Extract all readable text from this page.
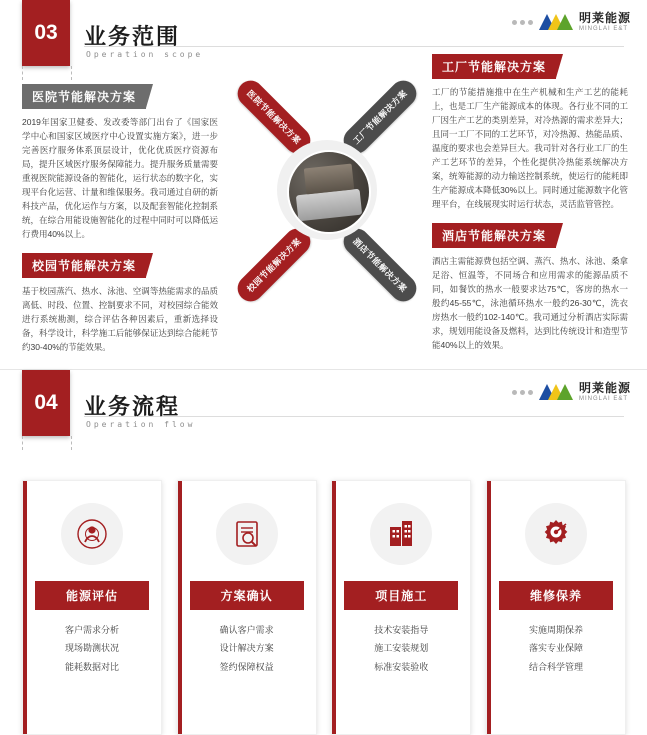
03	业务范围
Operation scope
明莱能源
MINGLAI E&T
医院节能解决方案
2019年国家卫健委、发改委等部门出台了《国家医学中心和国家区域医疗中心设置实施方案》，进一步完善医疗服务体系顶层设计，优化优质医疗资源布局，提升区域医疗服务保障能力。提升服务质量需要重视医院能源设备的智能化，运行状态的数字化，实现平台化运营、计量和维保服务。我司通过自研的新科技产品，优化运作与方案，以及配套智能化控制系统，在综合用能设施智能化的过程中同时可以降低运行费用40%以上。
校园节能解决方案
基于校园蒸汽、热水、泳池、空调等热能需求的品质 离低、时段、位置、控制要求不同，对校园综合能效进行系统勘测，综合评估各种因素后，重新选择设备，科学设计，科学施工后能够保证达到综合能耗节约30-40%的节能效果。
工厂节能解决方案
工厂的节能措施推中在生产机械和生产工艺的能耗上，也是工厂生产能源成本的体现。各行业不同的工厂因生产工艺的类别差异，对冷热源的需求差异大；且同一工厂不同的工艺环节，对冷热源、热能品质、温度的要求也会差异巨大。我司针对各行业工厂的生产工艺环节的差异，个性化提供冷热能系统解决方案，统筹能源的动力输送控制系统，使运行的能耗即生产能源成本降低30%以上。同时通过能源数字化管理平台，在线展现实时运行状态，灵活监管管控。
酒店节能解决方案
酒店主需能源费包括空调、蒸汽、热水、泳池、桑拿足浴、恒温等，不同场合和应用需求的能源品质不同，如餐饮的热水一般要求达75℃，客房的热水一般约45-55℃，泳池循环热水一般约26-30℃，洗衣房热水一般约102-140℃。我司通过分析酒店实际需求，规划用能设备及燃料，达到比传统设计和造型节能40%以上的效果。
医院节能解决方案	工厂节能解决方案
校园节能解决方案	酒店节能解决方案
04	业务流程
Operation flow
明莱能源
MINGLAI E&T
能源评估
客户需求分析
现场勘测状况
能耗数据对比
方案确认
确认客户需求
设计解决方案
签约保障权益
项目施工
技术安装指导
施工安装规划
标准安装验收
维修保养
实施周期保养
落实专业保障
结合科学管理
